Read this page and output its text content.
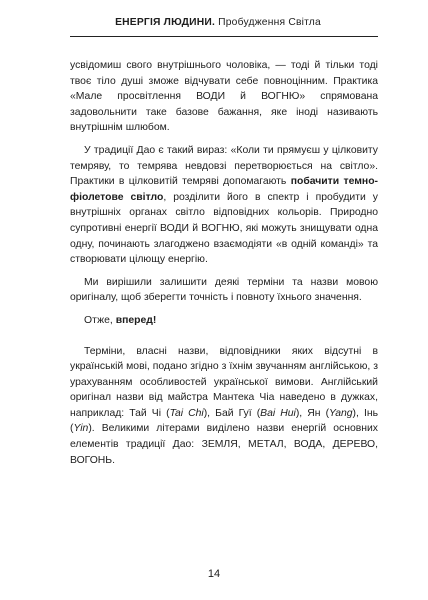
ЕНЕРГІЯ ЛЮДИНИ. Пробудження Світла

усвідомиш свого внутрішнього чоловіка, — тоді й тільки тоді твоє тіло душі зможе відчувати себе повноцінним. Практика «Мале просвітлення ВОДИ й ВОГНЮ» спрямована задовольнити таке базове бажання, яке іноді називають внутрішнім шлюбом.

У традиції Дао є такий вираз: «Коли ти прямуєш у цілковиту темряву, то темрява невдовзі перетворюється на світло». Практики в цілковитій темряві допомагають побачити темно-фіолетове світло, розділити його в спектр і пробудити у внутрішніх органах світло відповідних кольорів. Природно супротивні енергії ВОДИ й ВОГНЮ, які можуть знищувати одна одну, починають злагоджено взаємодіяти «в одній команді» та створювати цілющу енергію.

Ми вирішили залишити деякі терміни та назви мовою оригіналу, щоб зберегти точність і повноту їхнього значення.

Отже, вперед!

Терміни, власні назви, відповідники яких відсутні в українській мові, подано згідно з їхнім звучанням англійською, з урахуванням особливостей української вимови. Англійський оригінал назви від майстра Мантека Чіа наведено в дужках, наприклад: Тай Чі (Tai Chi), Бай Гуї (Bai Hui), Ян (Yang), Інь (Yin). Великими літерами виділено назви енергій основних елементів традиції Дао: ЗЕМЛЯ, МЕТАЛ, ВОДА, ДЕРЕВО, ВОГОНЬ.

14
